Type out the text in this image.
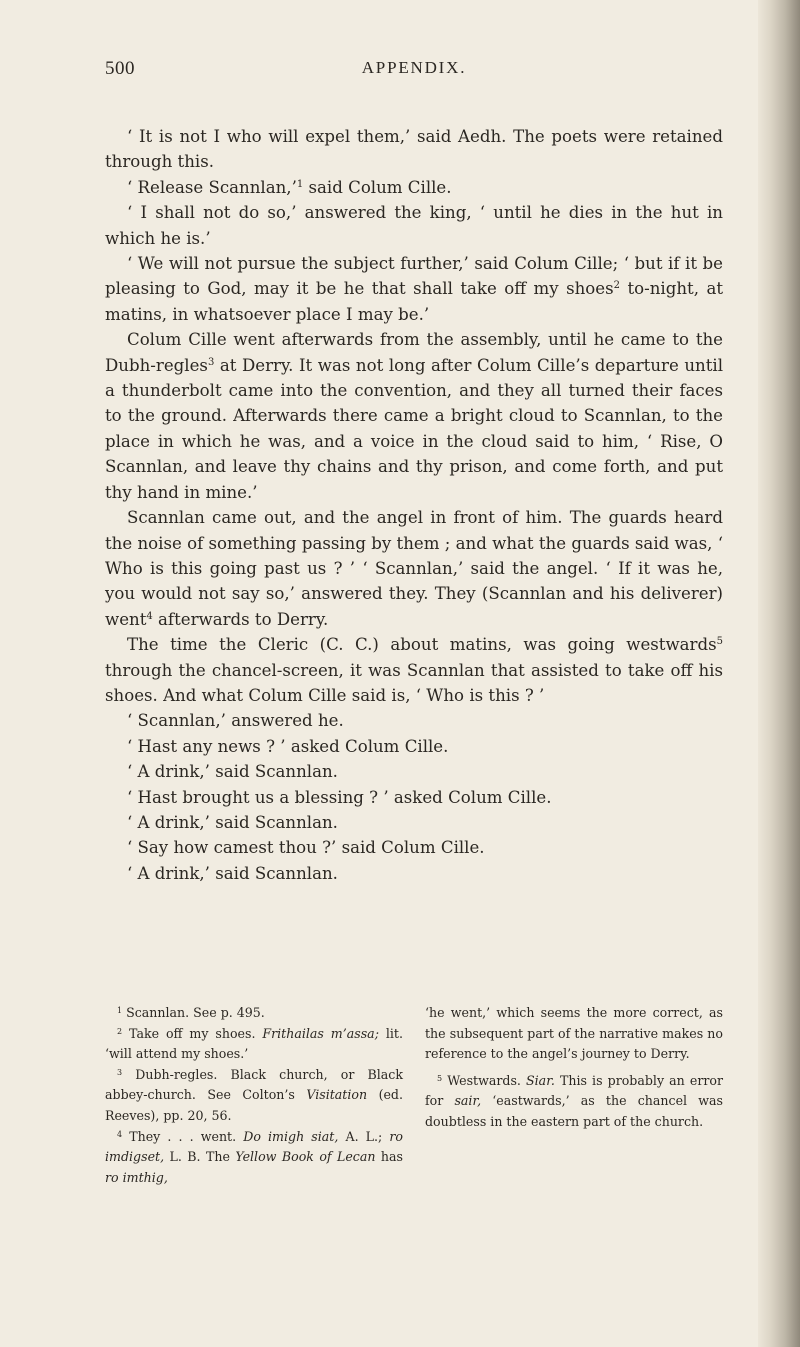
500	APPENDIX.

‘ It is not I who will expel them,’ said Aedh. The poets were retained through this.

‘ Release Scannlan,’$^1$ said Colum Cille.

‘ I shall not do so,’ answered the king, ‘ until he dies in the hut in which he is.’

‘ We will not pursue the subject further,’ said Colum Cille; ‘ but if it be pleasing to God, may it be he that shall take off my shoes$^2$ to-night, at matins, in whatsoever place I may be.’

Colum Cille went afterwards from the assembly, until he came to the Dubh-regles$^3$ at Derry. It was not long after Colum Cille’s departure until a thunderbolt came into the convention, and they all turned their faces to the ground. Afterwards there came a bright cloud to Scannlan, to the place in which he was, and a voice in the cloud said to him, ‘ Rise, O Scannlan, and leave thy chains and thy prison, and come forth, and put thy hand in mine.’

Scannlan came out, and the angel in front of him. The guards heard the noise of something passing by them ; and what the guards said was, ‘ Who is this going past us ? ’ ‘ Scannlan,’ said the angel. ‘ If it was he, you would not say so,’ answered they. They (Scannlan and his deliverer) went$^4$ afterwards to Derry.

The time the Cleric (C. C.) about matins, was going westwards$^5$ through the chancel-screen, it was Scannlan that assisted to take off his shoes. And what Colum Cille said is, ‘ Who is this ? ’

‘ Scannlan,’ answered he.

‘ Hast any news ? ’ asked Colum Cille.

‘ A drink,’ said Scannlan.

‘ Hast brought us a blessing ? ’ asked Colum Cille.

‘ A drink,’ said Scannlan.

‘ Say how camest thou ?’ said Colum Cille.

‘ A drink,’ said Scannlan.

$^1$ Scannlan. See p. 495.

$^2$ Take off my shoes. Frithailas m’assa; lit. ‘will attend my shoes.’

$^3$ Dubh-regles. Black church, or Black abbey-church. See Colton’s Visitation (ed. Reeves), pp. 20, 56.

$^4$ They . . . went. Do imigh siat, A. L.; ro imdigset, L. B. The Yellow Book of Lecan has ro imthig,

‘he went,’ which seems the more correct, as the subsequent part of the narrative makes no reference to the angel’s journey to Derry.

$^5$ Westwards. Siar. This is probably an error for sair, ‘eastwards,’ as the chancel was doubtless in the eastern part of the church.
